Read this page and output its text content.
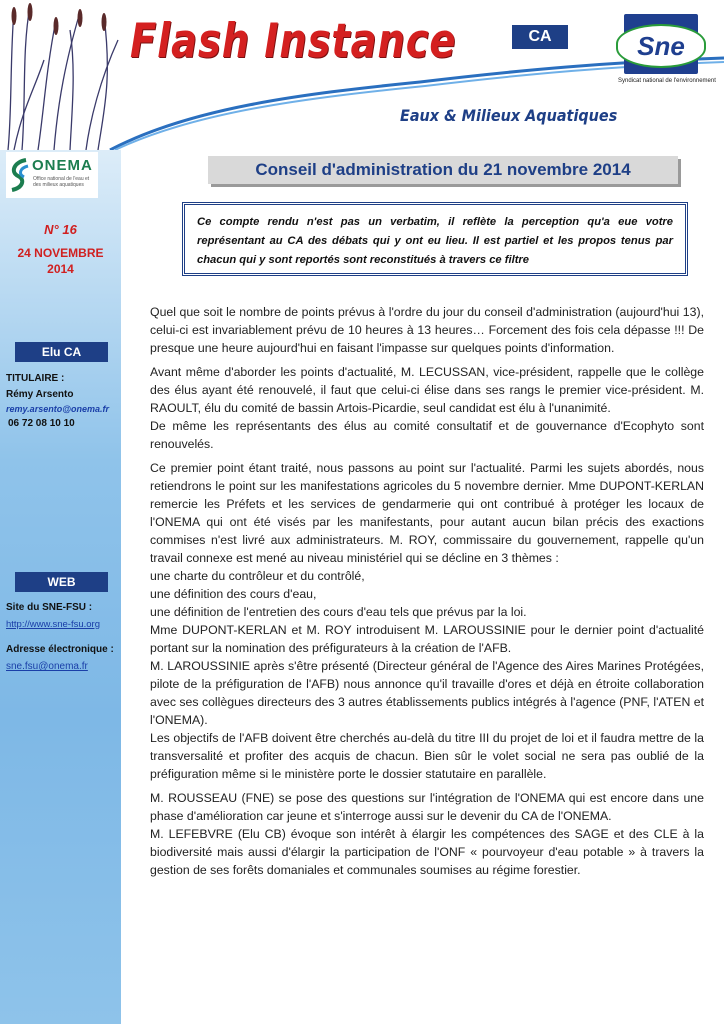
Flash Instance	CA	Sne
Syndicat national de l'environnement
Eaux & Milieux Aquatiques
ONEMA
Office national de l'eau et des milieux aquatiques
N° 16
24 NOVEMBRE
2014
Elu CA
TITULAIRE :
Rémy Arsento
remy.arsento@onema.fr
06 72 08 10 10
WEB
Site du SNE-FSU :
http://www.sne-fsu.org
Adresse électronique :
sne.fsu@onema.fr
Conseil d'administration du 21 novembre 2014
Ce compte rendu n'est pas un verbatim, il reflète la perception qu'a eue votre représentant au CA des débats qui y ont eu lieu. Il est partiel et les propos tenus par chacun qui y sont reportés sont reconstitués à travers ce filtre

Quel que soit le nombre de points prévus à l'ordre du jour du conseil d'administration (aujourd'hui 13), celui-ci est invariablement prévu de 10 heures à 13 heures… Forcement des fois cela dépasse !!! De presque une heure aujourd'hui en faisant l'impasse sur quelques points d'information.

Avant même d'aborder les points d'actualité, M. LECUSSAN, vice-président, rappelle que le collège des élus ayant été renouvelé, il faut que celui-ci élise dans ses rangs le premier vice-président. M. RAOULT, élu du comité de bassin Artois-Picardie, seul candidat est élu à l'unanimité.

De même les représentants des élus au comité consultatif et de gouvernance d'Ecophyto sont renouvelés.

Ce premier point étant traité, nous passons au point sur l'actualité. Parmi les sujets abordés, nous retiendrons le point sur les manifestations agricoles du 5 novembre dernier. Mme DUPONT-KERLAN remercie les Préfets et les services de gendarmerie qui ont contribué à protéger les locaux de l'ONEMA qui ont été visés par les manifestants, pour autant aucun bilan précis des exactions commises n'est livré aux administrateurs. M. ROY, commissaire du gouvernement, rappelle qu'un travail connexe est mené au niveau ministériel qui se décline en 3 thèmes :

une charte du contrôleur et du contrôlé,
une définition des cours d'eau,
une définition de l'entretien des cours d'eau tels que prévus par la loi.

Mme DUPONT-KERLAN et M. ROY introduisent M. LAROUSSINIE pour le dernier point d'actualité portant sur la nomination des préfigurateurs à la création de l'AFB.

M. LAROUSSINIE après s'être présenté (Directeur général de l'Agence des Aires Marines Protégées, pilote de la préfiguration de l'AFB) nous annonce qu'il travaille d'ores et déjà en étroite collaboration avec ses collègues directeurs des 3 autres établissements publics intégrés à l'agence (PNF, l'ATEN et l'ONEMA).

Les objectifs de l'AFB doivent être cherchés au-delà du titre III du projet de loi et il faudra mettre de la transversalité et profiter des acquis de chacun. Bien sûr le volet social ne sera pas oublié de la préfiguration même si le ministère porte le dossier statutaire en parallèle.

M. ROUSSEAU (FNE) se pose des questions sur l'intégration de l'ONEMA qui est encore dans une phase d'amélioration car jeune et s'interroge aussi sur le devenir du CA de l'ONEMA.

M. LEFEBVRE (Elu CB) évoque son intérêt à élargir les compétences des SAGE et des CLE à la biodiversité mais aussi d'élargir la participation de l'ONF « pourvoyeur d'eau potable » à travers la gestion de ses forêts domaniales et communales soumises au régime forestier.
